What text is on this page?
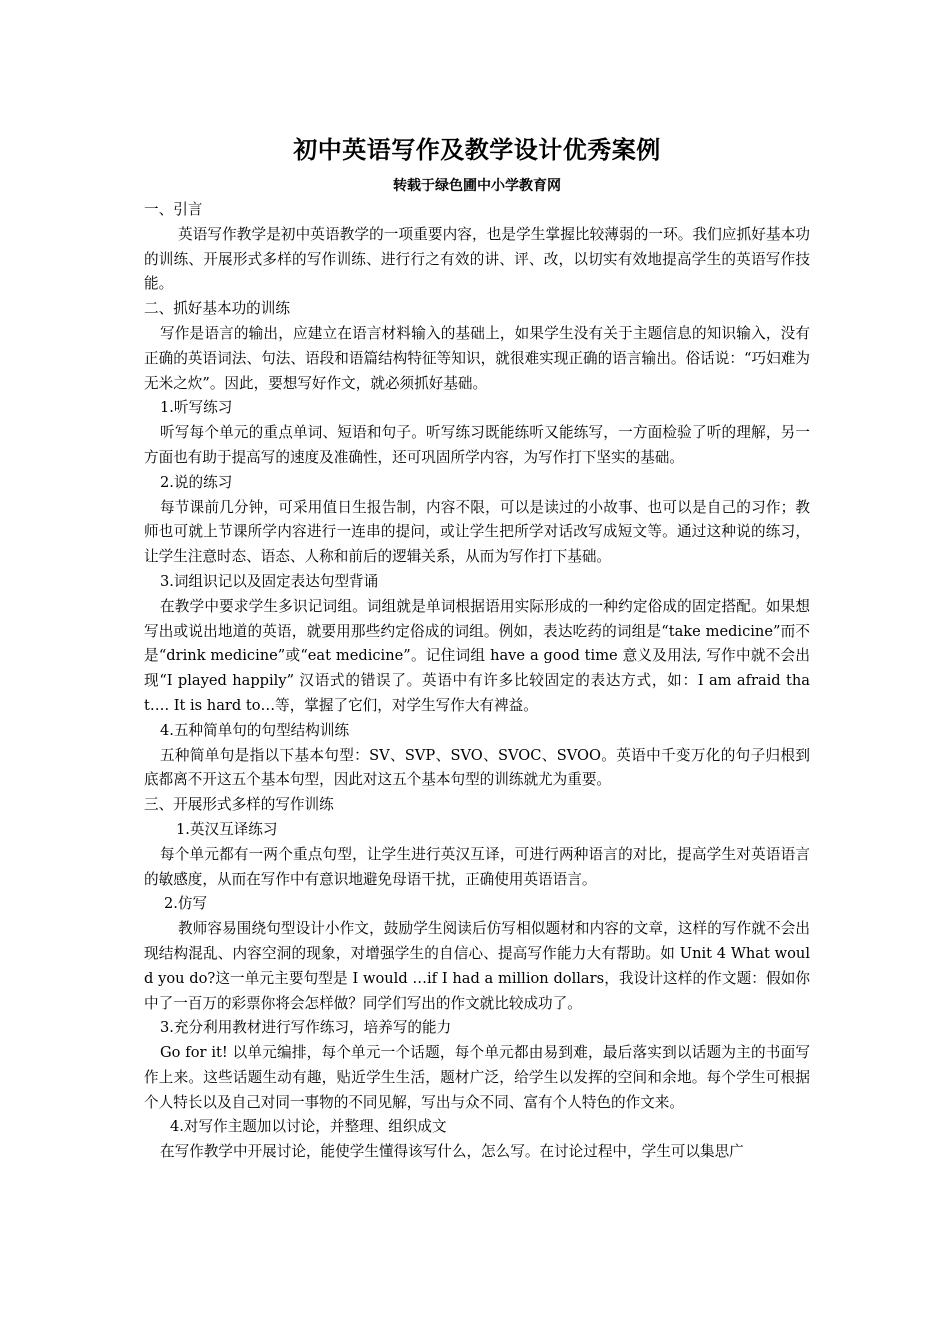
初中英语写作及教学设计优秀案例
转载于绿色圃中小学教育网
一、引言

英语写作教学是初中英语教学的一项重要内容，也是学生掌握比较薄弱的一环。我们应抓好基本功的训练、开展形式多样的写作训练、进行行之有效的讲、评、改，以切实有效地提高学生的英语写作技能。

二、抓好基本功的训练

写作是语言的输出，应建立在语言材料输入的基础上，如果学生没有关于主题信息的知识输入，没有正确的英语词法、句法、语段和语篇结构特征等知识，就很难实现正确的语言输出。俗话说：“巧妇难为无米之炊”。因此，要想写好作文，就必须抓好基础。

1.听写练习

听写每个单元的重点单词、短语和句子。听写练习既能练听又能练写，一方面检验了听的理解，另一方面也有助于提高写的速度及准确性，还可巩固所学内容，为写作打下坚实的基础。

2.说的练习

每节课前几分钟，可采用值日生报告制，内容不限，可以是读过的小故事、也可以是自己的习作；教师也可就上节课所学内容进行一连串的提问，或让学生把所学对话改写成短文等。通过这种说的练习，让学生注意时态、语态、人称和前后的逻辑关系，从而为写作打下基础。

3.词组识记以及固定表达句型背诵

在教学中要求学生多识记词组。词组就是单词根据语用实际形成的一种约定俗成的固定搭配。如果想写出或说出地道的英语，就要用那些约定俗成的词组。例如，表达吃药的词组是“take medicine”而不是“drink medicine”或“eat medicine”。记住词组 have a good time 意义及用法, 写作中就不会出现“I played happily” 汉语式的错误了。英语中有许多比较固定的表达方式，如：I am afraid that…. It is hard to…等，掌握了它们，对学生写作大有裨益。

4.五种简单句的句型结构训练

五种简单句是指以下基本句型：SV、SVP、SVO、SVOC、SVOO。英语中千变万化的句子归根到底都离不开这五个基本句型，因此对这五个基本句型的训练就尤为重要。

三、开展形式多样的写作训练
1.英汉互译练习

每个单元都有一两个重点句型，让学生进行英汉互译，可进行两种语言的对比，提高学生对英语语言的敏感度，从而在写作中有意识地避免母语干扰，正确使用英语语言。

2.仿写

教师容易围绕句型设计小作文，鼓励学生阅读后仿写相似题材和内容的文章，这样的写作就不会出现结构混乱、内容空洞的现象，对增强学生的自信心、提高写作能力大有帮助。如 Unit 4 What would you do?这一单元主要句型是 I would …if I had a million dollars，我设计这样的作文题：假如你中了一百万的彩票你将会怎样做？同学们写出的作文就比较成功了。

3.充分利用教材进行写作练习，培养写的能力

Go for it! 以单元编排，每个单元一个话题，每个单元都由易到难，最后落实到以话题为主的书面写作上来。这些话题生动有趣，贴近学生生活，题材广泛，给学生以发挥的空间和余地。每个学生可根据个人特长以及自己对同一事物的不同见解，写出与众不同、富有个人特色的作文来。

4.对写作主题加以讨论，并整理、组织成文

在写作教学中开展讨论，能使学生懂得该写什么，怎么写。在讨论过程中，学生可以集思广
